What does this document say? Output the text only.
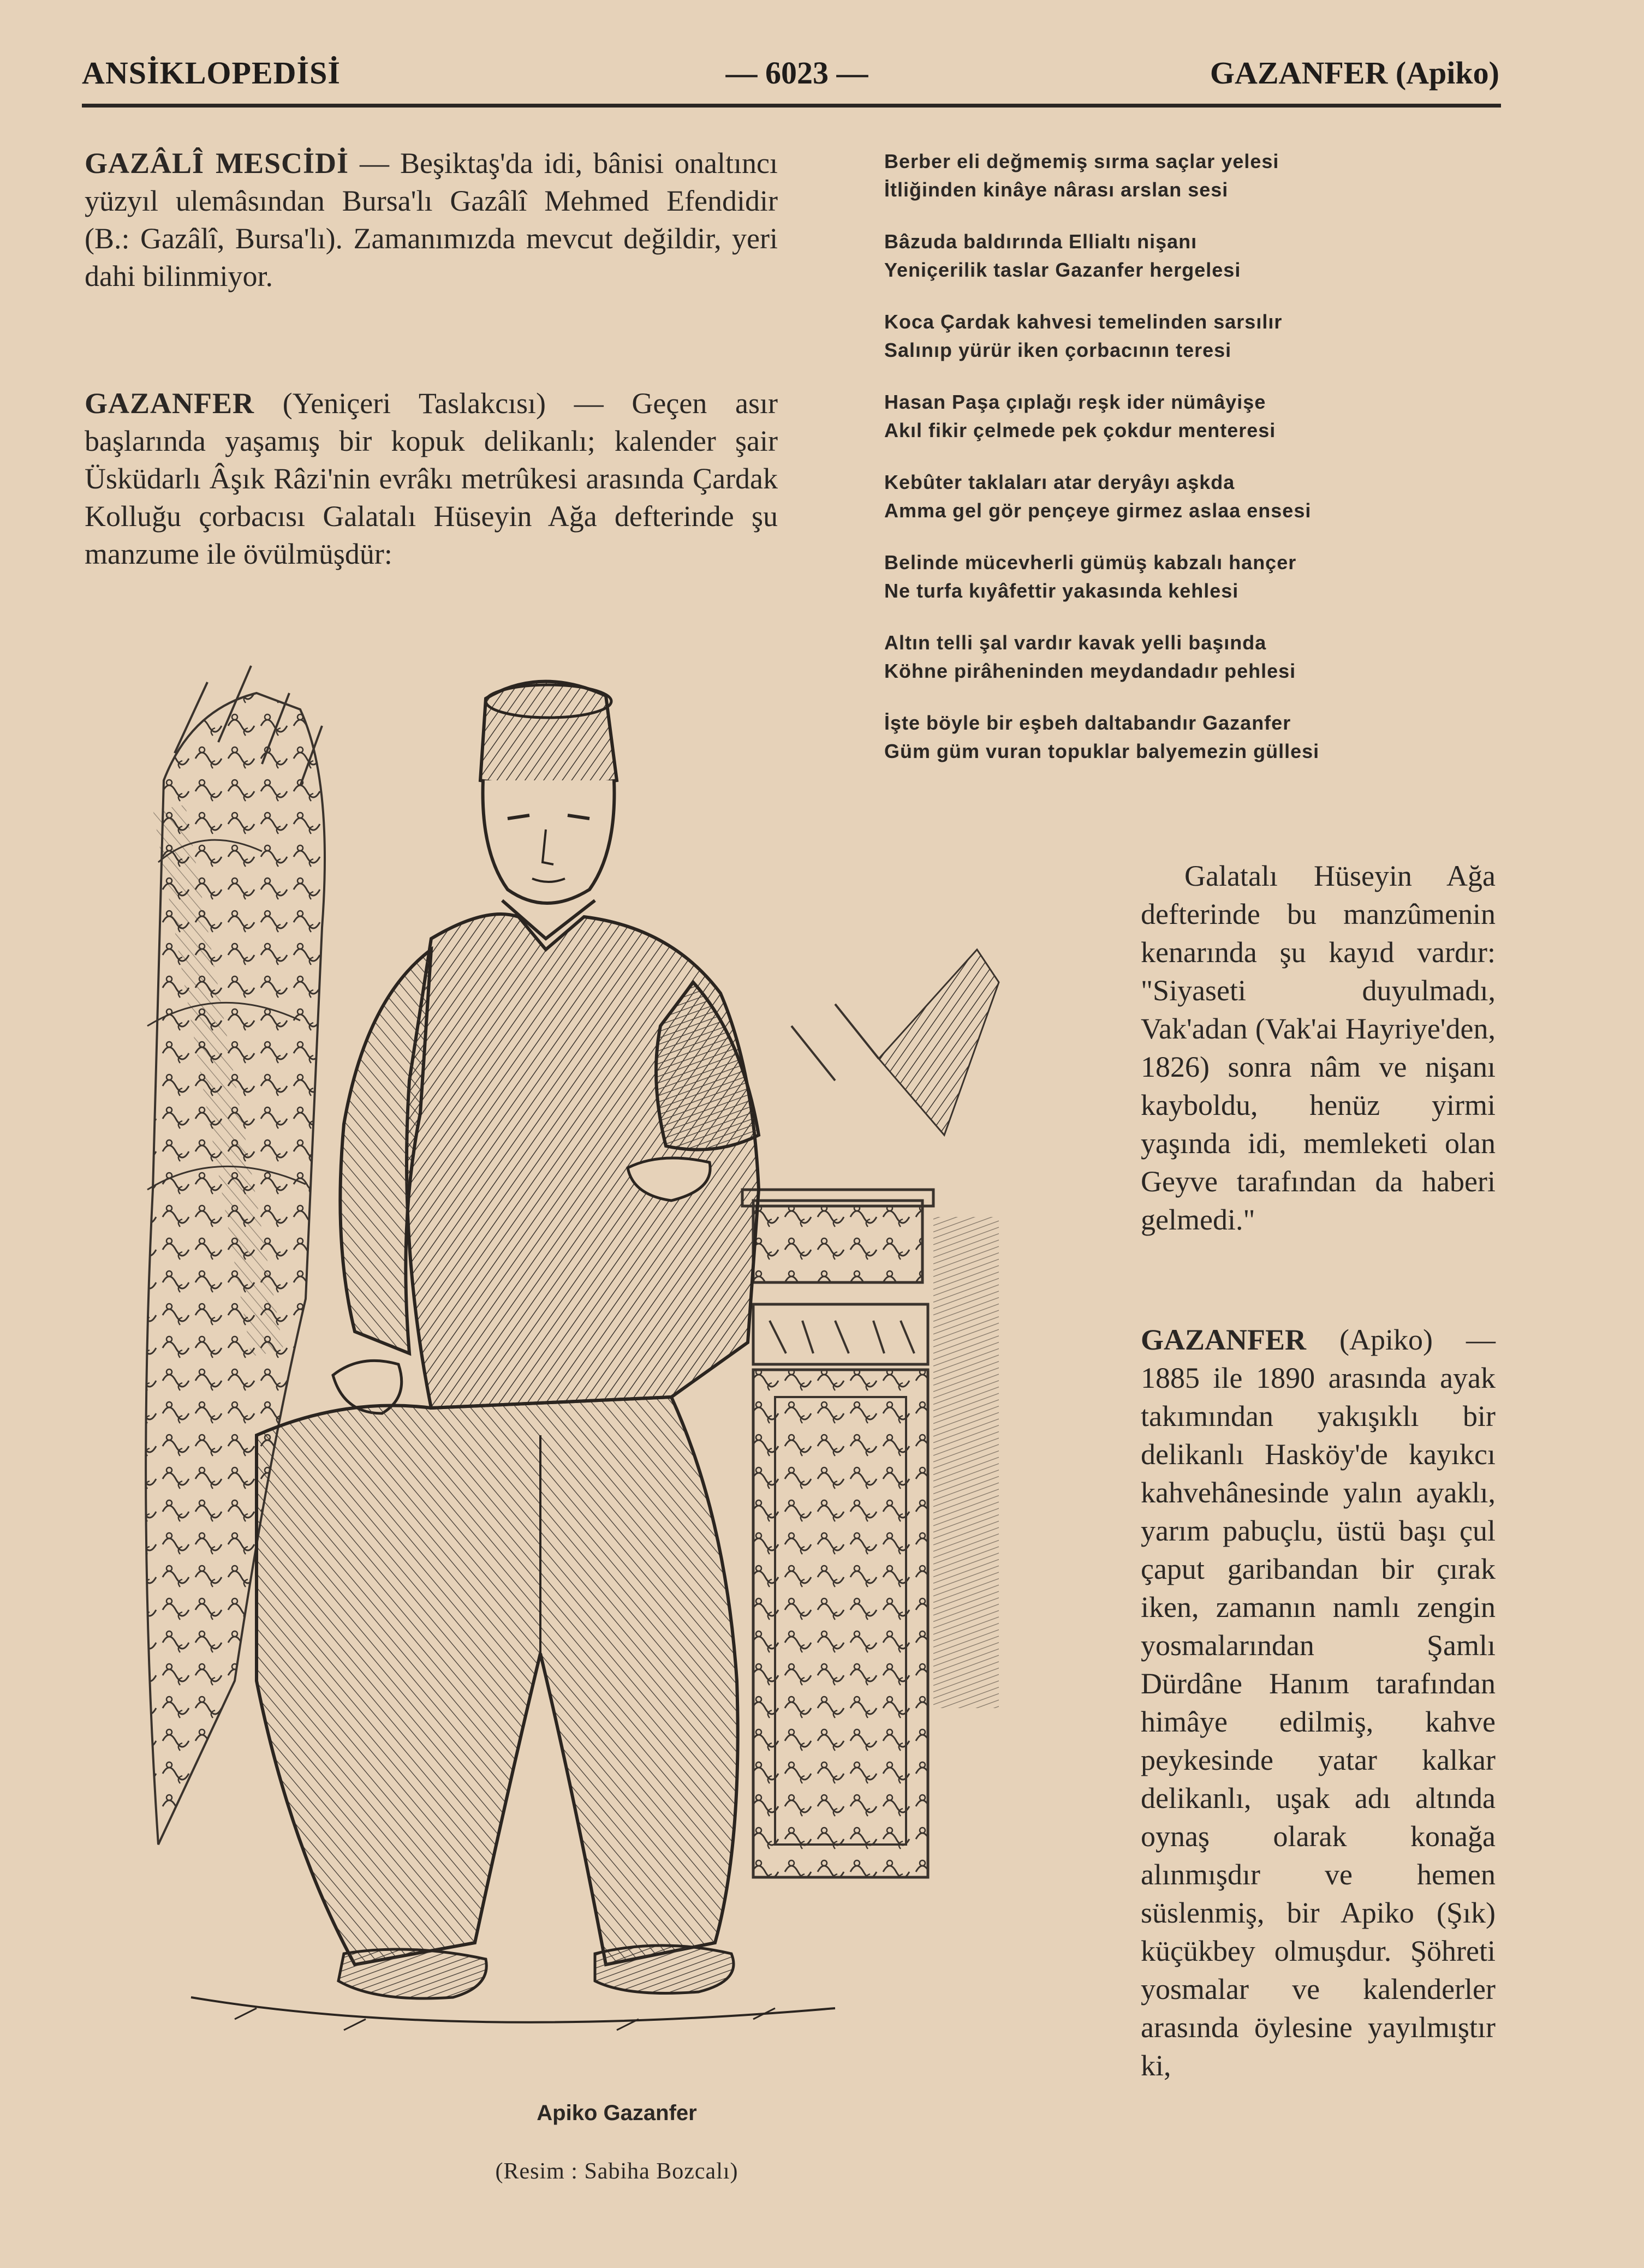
ANSİKLOPEDİSİ	— 6023 —	GAZANFER (Apiko)

GAZÂLÎ MESCİDİ — Beşiktaş'da idi, bânisi onaltıncı yüzyıl ulemâsından Bursa'lı Gazâlî Mehmed Efendidir (B.: Gazâlî, Bursa'lı). Zamanımızda mevcut değildir, yeri dahi bilinmiyor.

GAZANFER (Yeniçeri Taslakcısı) — Geçen asır başlarında yaşamış bir kopuk delikanlı; kalender şair Üsküdarlı Âşık Râzi'nin evrâkı metrûkesi arasında Çardak Kolluğu çorbacısı Galatalı Hüseyin Ağa defterinde şu manzume ile övülmüşdür:

Berber eli değmemiş sırma saçlar yelesi
İtliğinden kinâye nârası arslan sesi
Bâzuda baldırında Ellialtı nişanı
Yeniçerilik taslar Gazanfer hergelesi
Koca Çardak kahvesi temelinden sarsılır
Salınıp yürür iken çorbacının teresi
Hasan Paşa çıplağı reşk ider nümâyişe
Akıl fikir çelmede pek çokdur menteresi
Kebûter taklaları atar deryâyı aşkda
Amma gel gör pençeye girmez aslaa ensesi
Belinde mücevherli gümüş kabzalı hançer
Ne turfa kıyâfettir yakasında kehlesi
Altın telli şal vardır kavak yelli başında
Köhne pirâheninden meydandadır pehlesi
İşte böyle bir eşbeh daltabandır Gazanfer
Güm güm vuran topuklar balyemezin güllesi

Galatalı Hüseyin Ağa defterinde bu manzûmenin kenarında şu kayıd vardır: "Siyaseti duyulmadı, Vak'adan (Vak'ai Hayriye'den, 1826) sonra nâm ve nişanı kayboldu, henüz yirmi yaşında idi, memleketi olan Geyve tarafından da haberi gelmedi."

GAZANFER (Apiko) — 1885 ile 1890 arasında ayak takımından yakışıklı bir delikanlı Hasköy'de kayıkcı kahvehânesinde yalın ayaklı, yarım pabuçlu, üstü başı çul çaput garibandan bir çırak iken, zamanın namlı zengin yosmalarından Şamlı Dürdâne Hanım tarafından himâye edilmiş, kahve peykesinde yatar kalkar delikanlı, uşak adı altında oynaş olarak konağa alınmışdır ve hemen süslenmiş, bir Apiko (Şık) küçükbey olmuşdur. Şöhreti yosmalar ve kalenderler arasında öylesine yayılmıştır ki,

Apiko Gazanfer
(Resim : Sabiha Bozcalı)
